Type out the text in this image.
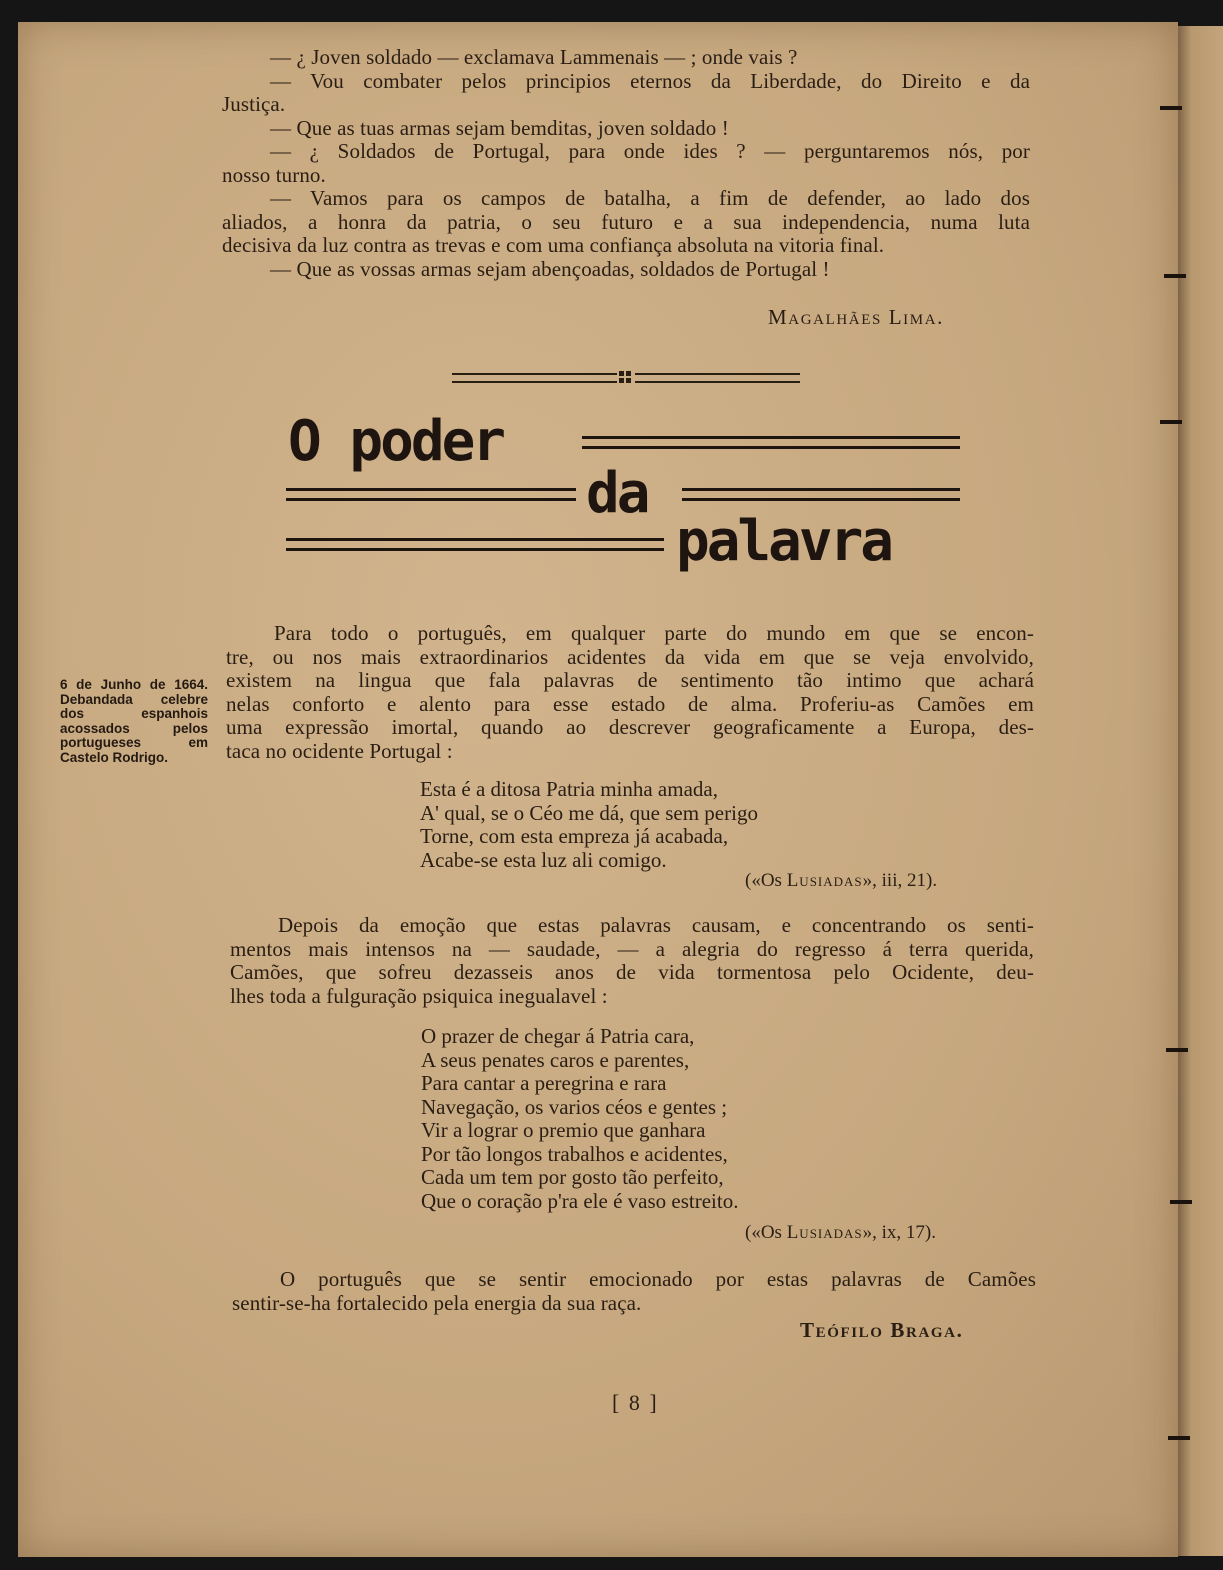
— ¿ Joven soldado — exclamava Lammenais — ; onde vais ?
— Vou combater pelos principios eternos da Liberdade, do Direito e da
Justiça.
— Que as tuas armas sejam bemditas, joven soldado !
— ¿ Soldados de Portugal, para onde ides ? — perguntaremos nós, por
nosso turno.
— Vamos para os campos de batalha, a fim de defender, ao lado dos
aliados, a honra da patria, o seu futuro e a sua independencia, numa luta
decisiva da luz contra as trevas e com uma confiança absoluta na vitoria final.
— Que as vossas armas sejam abençoadas, soldados de Portugal !
Magalhães Lima.
O poder
da
palavra
6 de Junho de 1664. Debandada celebre dos espanhois acossados pelos portugueses em Castelo Rodrigo.
Para todo o português, em qualquer parte do mundo em que se encon-
tre, ou nos mais extraordinarios acidentes da vida em que se veja envolvido,
existem na lingua que fala palavras de sentimento tão intimo que achará
nelas conforto e alento para esse estado de alma. Proferiu-as Camões em
uma expressão imortal, quando ao descrever geograficamente a Europa, des-
taca no ocidente Portugal :
Esta é a ditosa Patria minha amada,
A' qual, se o Céo me dá, que sem perigo
Torne, com esta empreza já acabada,
Acabe-se esta luz ali comigo.
(«Os Lusiadas», iii, 21).
Depois da emoção que estas palavras causam, e concentrando os senti-
mentos mais intensos na — saudade, — a alegria do regresso á terra querida,
Camões, que sofreu dezasseis anos de vida tormentosa pelo Ocidente, deu-
lhes toda a fulguração psiquica inegualavel :
O prazer de chegar á Patria cara,
A seus penates caros e parentes,
Para cantar a peregrina e rara
Navegação, os varios céos e gentes ;
Vir a lograr o premio que ganhara
Por tão longos trabalhos e acidentes,
Cada um tem por gosto tão perfeito,
Que o coração p'ra ele é vaso estreito.
(«Os Lusiadas», ix, 17).
O português que se sentir emocionado por estas palavras de Camões
sentir-se-ha fortalecido pela energia da sua raça.
Teófilo Braga.
[ 8 ]
